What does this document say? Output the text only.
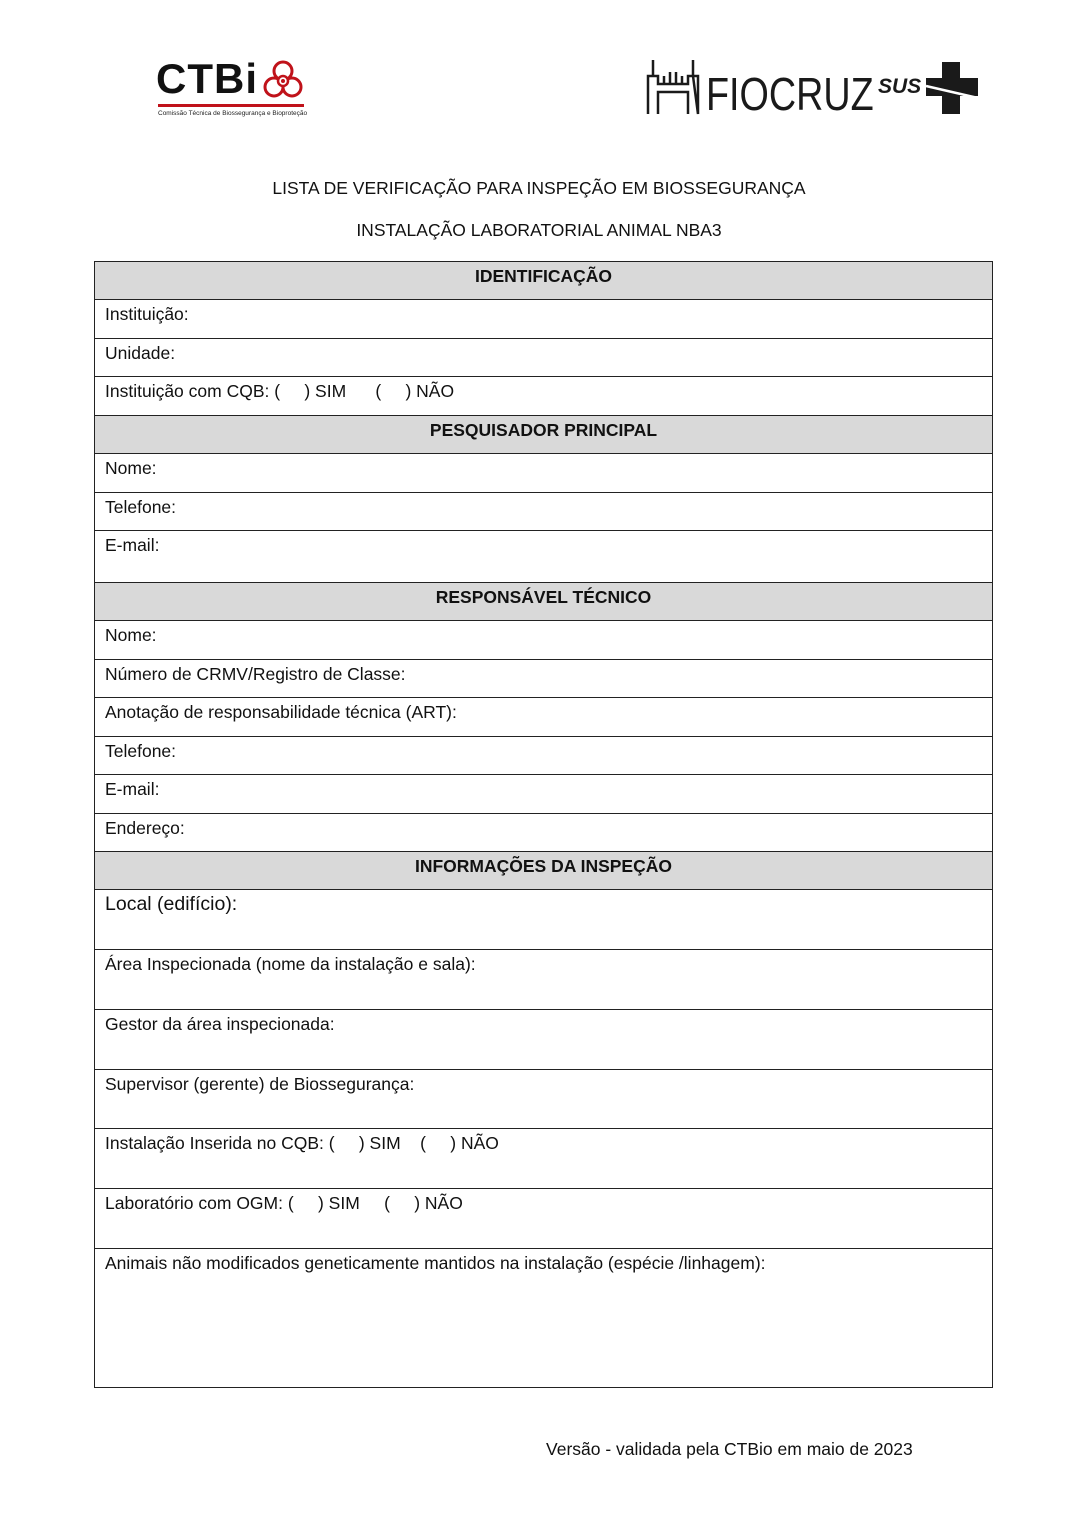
CTBi
Comissão Técnica de Biossegurança e Bioproteção	FIOCRUZ SUS
LISTA DE VERIFICAÇÃO PARA INSPEÇÃO EM BIOSSEGURANÇA
INSTALAÇÃO LABORATORIAL ANIMAL NBA3
IDENTIFICAÇÃO
Instituição:
Unidade:
Instituição com CQB: (     ) SIM      (     ) NÃO
PESQUISADOR PRINCIPAL
Nome:
Telefone:
E-mail:
RESPONSÁVEL TÉCNICO
Nome:
Número de CRMV/Registro de Classe:
Anotação de responsabilidade técnica (ART):
Telefone:
E-mail:
Endereço:
INFORMAÇÕES DA INSPEÇÃO
Local (edifício):
Área Inspecionada (nome da instalação e sala):
Gestor da área inspecionada:
Supervisor (gerente) de Biossegurança:
Instalação Inserida no CQB: (     ) SIM    (     ) NÃO
Laboratório com OGM: (     ) SIM     (     ) NÃO
Animais não modificados geneticamente mantidos na instalação (espécie /linhagem):
Versão - validada pela CTBio em maio de 2023
